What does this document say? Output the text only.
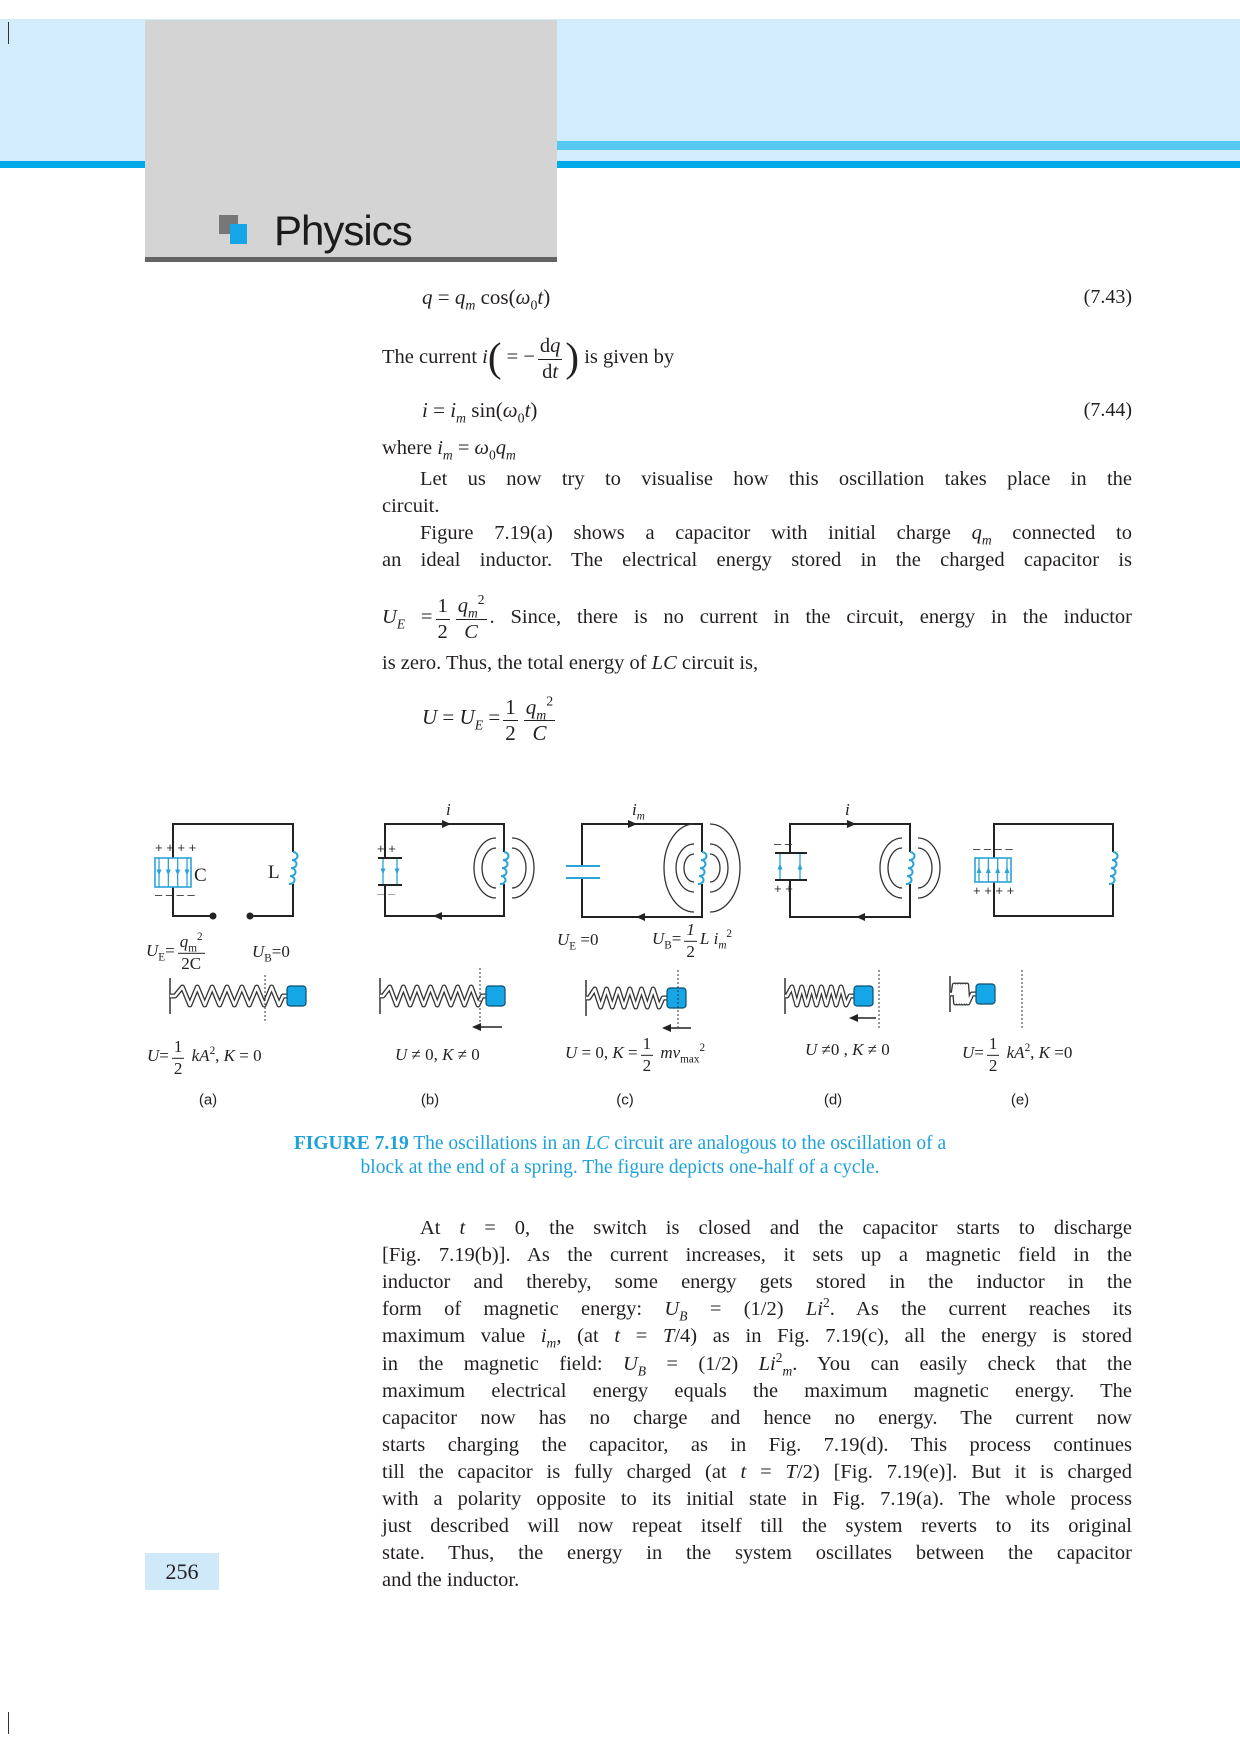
Physics
$q = q_m$ $\cos(\omega_0t)$	(7.43)
The current i( = − $\frac{dq}{dt}$ ) is given by
$i = i_m$ $\sin(\omega_0t)$	(7.44)
where $i_m = \omega_0q_m$
Let us now try to visualise how this oscillation takes place in the
circuit.
Figure 7.19(a) shows a capacitor with initial charge $q_m$ connected to
an ideal inductor. The electrical energy stored in the charged capacitor is
$U_E = \frac{1}{2} \frac{q_m^2}{C}$ . Since, there is no current in the circuit, energy in the inductor
is zero. Thus, the total energy of LC circuit is,
$U = U_E = \frac{1}{2} \frac{q_m^2}{C}$
+ + + +
– – – –
+ +
– –
– –
+ +
– – – –
+ + + +
C	L
i	$i_m$	i
$U_E= \frac{q_m^2}{2C}$	$U_B=0$
$U_E =0$	$U_B= \frac{1}{2}$ L $i_m^2$
$U= \frac{1}{2} kA^2$, K = 0	U ≠ 0, K ≠ 0	U = 0, $K = \frac{1}{2} mv_{max}^2$	U ≠0 , K ≠ 0	$U= \frac{1}{2} kA^2$, K =0
(a)	(b)	(c)	(d)	(e)
FIGURE 7.19 The oscillations in an LC circuit are analogous to the oscillation of a
block at the end of a spring. The figure depicts one-half of a cycle.
At t = 0, the switch is closed and the capacitor starts to discharge
[Fig. 7.19(b)]. As the current increases, it sets up a magnetic field in the
inductor and thereby, some energy gets stored in the inductor in the
form of magnetic energy: $U_B = (1/2)$ Li$^2$. As the current reaches its
maximum value $i_m$, (at t = T/4) as in Fig. 7.19(c), all the energy is stored
in the magnetic field: $U_B = (1/2)$ $Li^2_m$. You can easily check that the
maximum electrical energy equals the maximum magnetic energy. The
capacitor now has no charge and hence no energy. The current now
starts charging the capacitor, as in Fig. 7.19(d). This process continues
till the capacitor is fully charged (at t = T/2) [Fig. 7.19(e)]. But it is charged
with a polarity opposite to its initial state in Fig. 7.19(a). The whole process
just described will now repeat itself till the system reverts to its original
state. Thus, the energy in the system oscillates between the capacitor
and the inductor.
256
